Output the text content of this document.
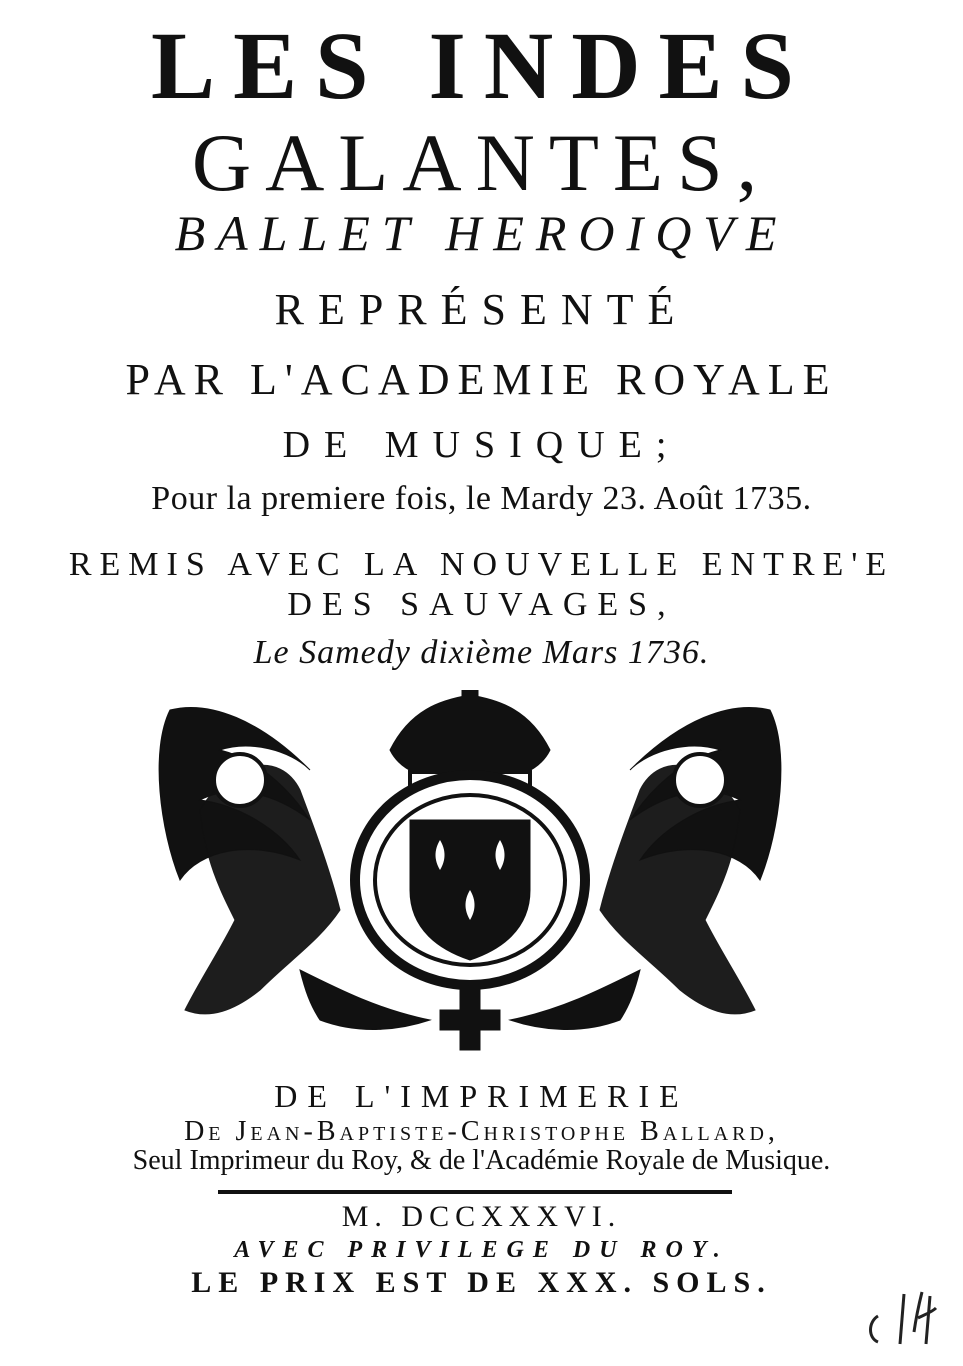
LES INDES
GALANTES,
BALLET HEROIQVE
REPRÉSENTÉ
PAR L'ACADEMIE ROYALE
DE MUSIQUE;
Pour la premiere fois, le Mardy 23. Août 1735.
REMIS AVEC LA NOUVELLE ENTRE'E
DES SAUVAGES,
Le Samedy dixième Mars 1736.
DE L'IMPRIMERIE
De Jean-Baptiste-Christophe Ballard,
Seul Imprimeur du Roy, & de l'Académie Royale de Musique.
M. DCCXXXVI.
AVEC PRIVILEGE DU ROY.
LE PRIX EST DE XXX. SOLS.
